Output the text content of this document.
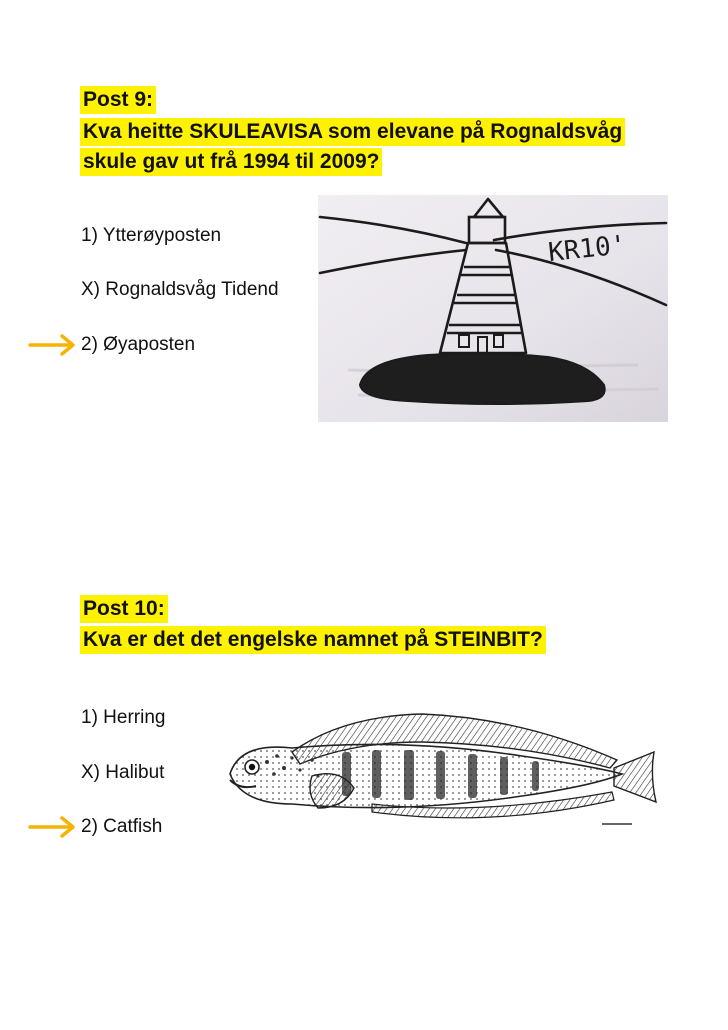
Post 9:
Kva heitte SKULEAVISA som elevane på Rognaldsvåg
skule gav ut frå 1994 til 2009?
1) Ytterøyposten
X) Rognaldsvåg Tidend
2) Øyaposten
KR10'
Post 10:
Kva er det det engelske namnet på STEINBIT?
1) Herring
X) Halibut
2) Catfish
